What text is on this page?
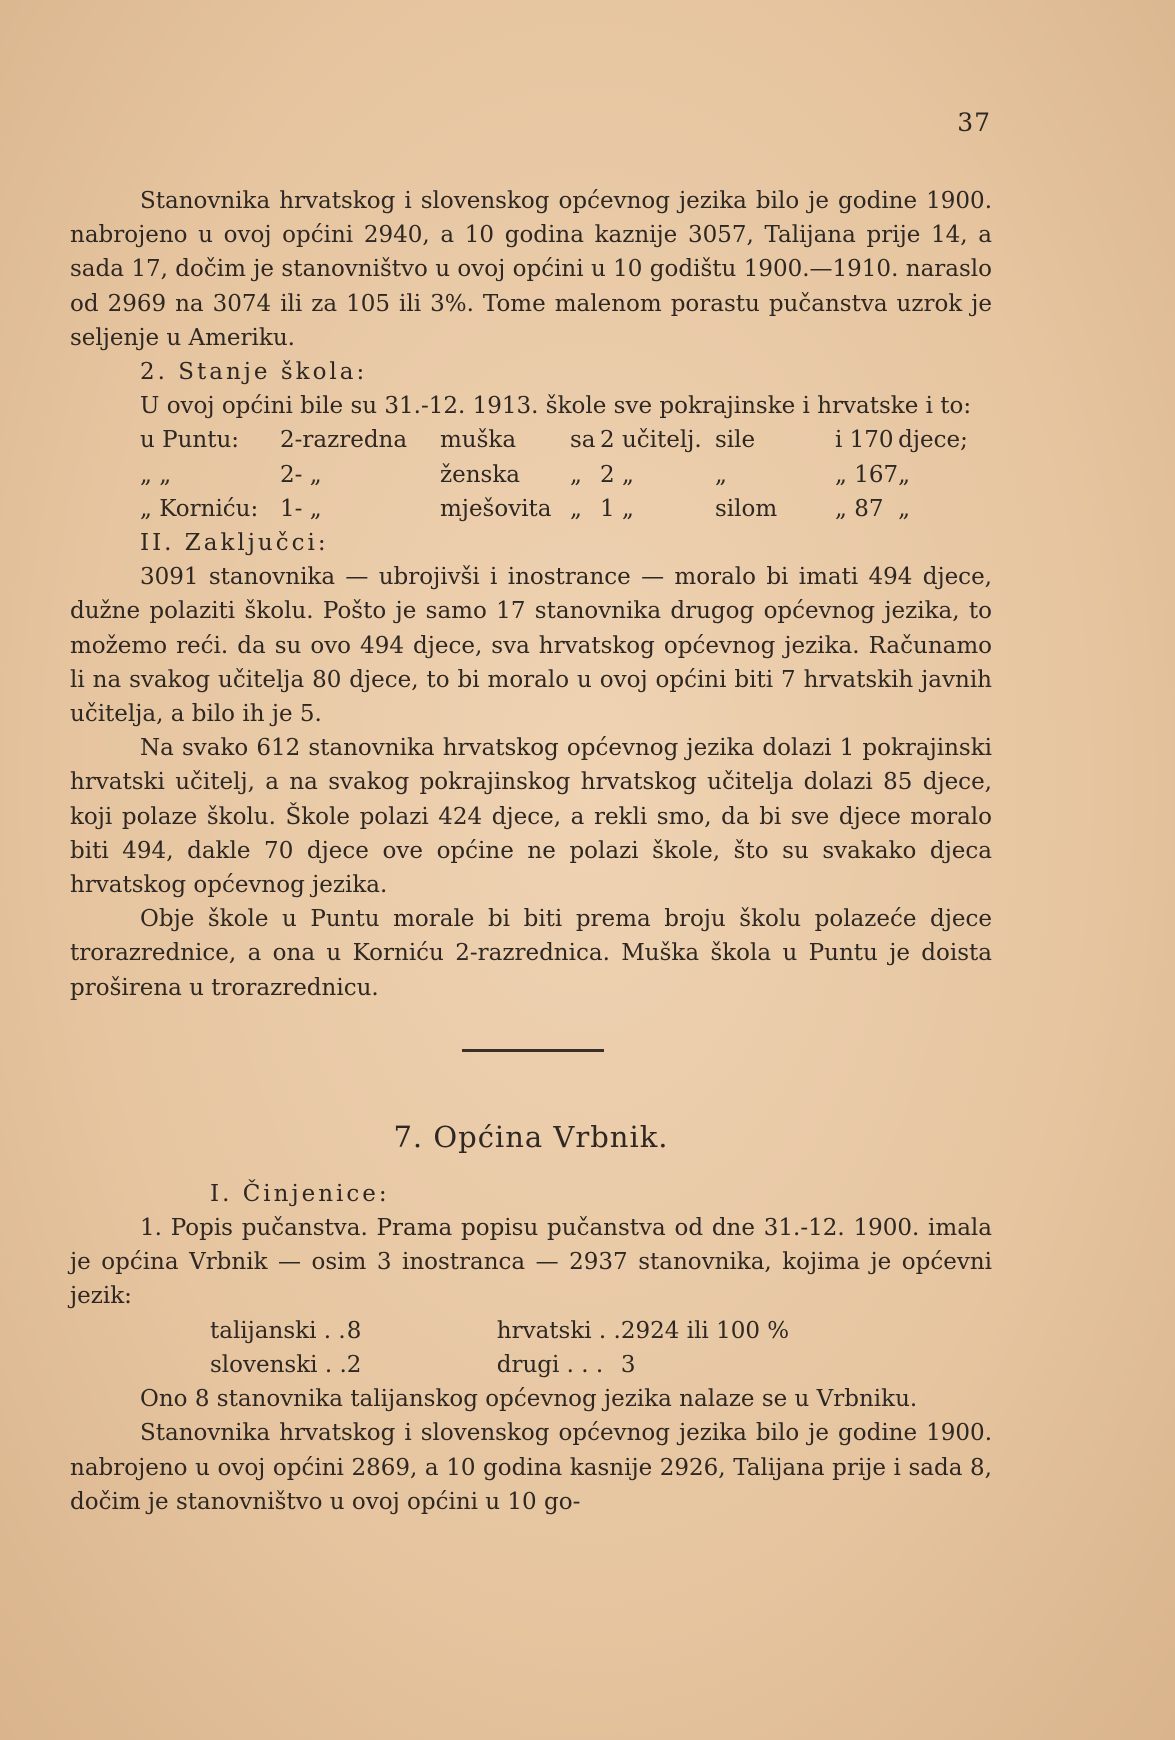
37

Stanovnika hrvatskog i slovenskog općevnog jezika bilo je godine 1900. nabrojeno u ovoj općini 2940, a 10 godina kaznije 3057, Talijana prije 14, a sada 17, dočim je stanovništvo u ovoj općini u 10 godištu 1900.—1910. naraslo od 2969 na 3074 ili za 105 ili 3%. Tome malenom porastu pučanstva uzrok je seljenje u Ameriku.

2. Stanje škola:

U ovoj općini bile su 31.-12. 1913. škole sve pokrajinske i hrvatske i to:

u Puntu:	2-razredna	muška	sa	2 učitelj.	sile	i 170	djece;
„ „	2- „	ženska	„	2 „	„	„ 167	„
„ Korniću:	1- „	mješovita	„	1 „	silom	„ 87	„

II. Zaključci:

3091 stanovnika — ubrojivši i inostrance — moralo bi imati 494 djece, dužne polaziti školu. Pošto je samo 17 stanovnika drugog općevnog jezika, to možemo reći. da su ovo 494 djece, sva hrvatskog općevnog jezika. Računamo li na svakog učitelja 80 djece, to bi moralo u ovoj općini biti 7 hrvatskih javnih učitelja, a bilo ih je 5.

Na svako 612 stanovnika hrvatskog općevnog jezika dolazi 1 pokrajinski hrvatski učitelj, a na svakog pokrajinskog hrvatskog učitelja dolazi 85 djece, koji polaze školu. Škole polazi 424 djece, a rekli smo, da bi sve djece moralo biti 494, dakle 70 djece ove općine ne polazi škole, što su svakako djeca hrvatskog općevnog jezika.

Obje škole u Puntu morale bi biti prema broju školu polazeće djece trorazrednice, a ona u Korniću 2-razrednica. Muška škola u Puntu je doista proširena u trorazrednicu.

7. Općina Vrbnik.

I. Činjenice:

1. Popis pučanstva. Prama popisu pučanstva od dne 31.-12. 1900. imala je općina Vrbnik — osim 3 inostranca — 2937 stanovnika, kojima je općevni jezik:

talijanski . .	8	hrvatski . .	2924 ili 100 %
slovenski . .	2	drugi . . .	3

Ono 8 stanovnika talijanskog općevnog jezika nalaze se u Vrbniku.

Stanovnika hrvatskog i slovenskog općevnog jezika bilo je godine 1900. nabrojeno u ovoj općini 2869, a 10 godina kasnije 2926, Talijana prije i sada 8, dočim je stanovništvo u ovoj općini u 10 go-
